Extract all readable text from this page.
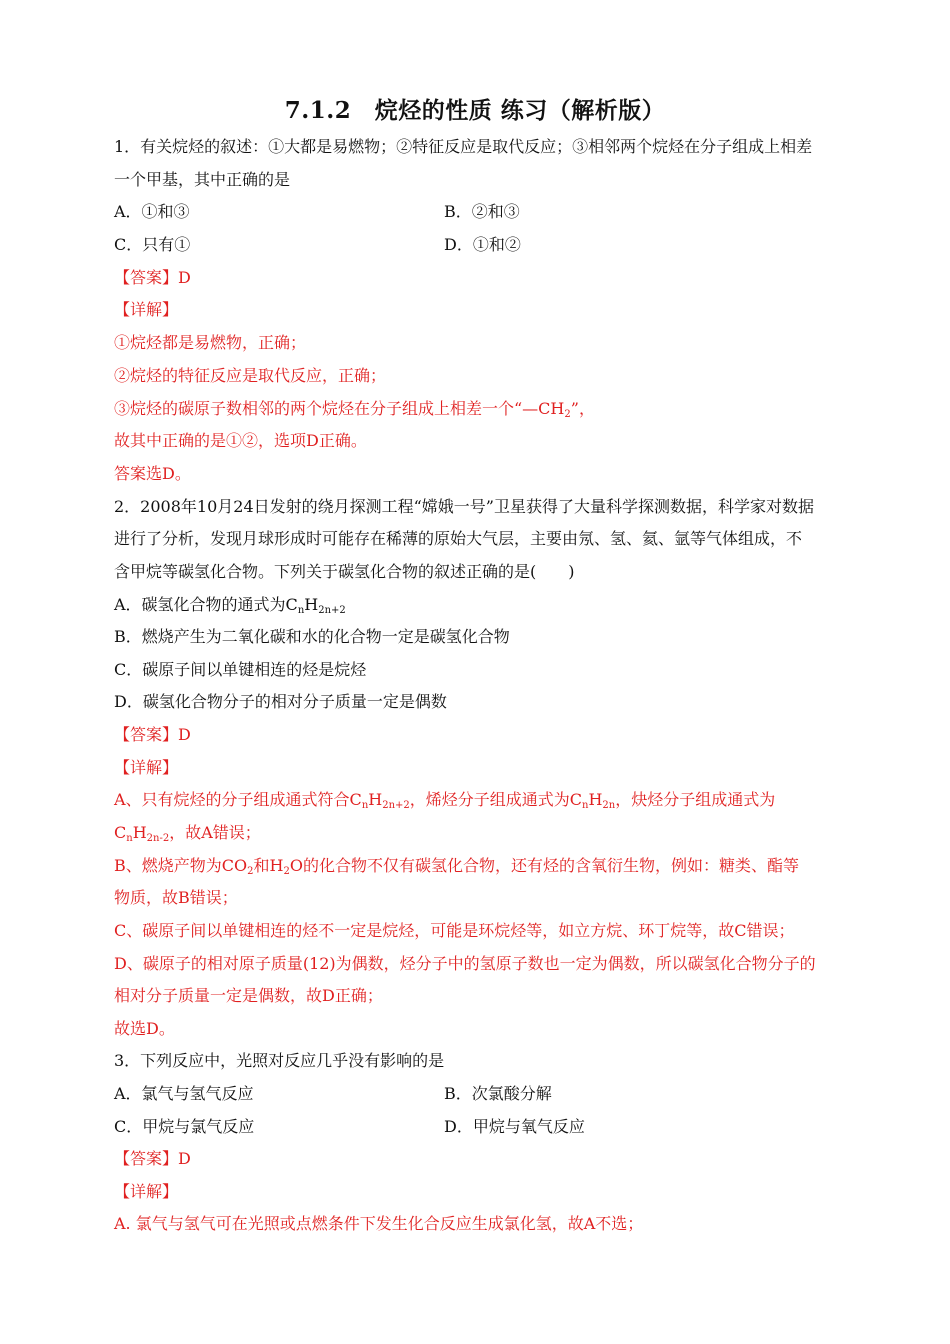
7.1.2　烷烃的性质 练习（解析版）
1．有关烷烃的叙述：①大都是易燃物；②特征反应是取代反应；③相邻两个烷烃在分子组成上相差
一个甲基，其中正确的是
A．①和③	B．②和③
C．只有①	D．①和②
【答案】D
【详解】
①烷烃都是易燃物，正确；
②烷烃的特征反应是取代反应，正确；
③烷烃的碳原子数相邻的两个烷烃在分子组成上相差一个“$—CH_2$”，
故其中正确的是①②，选项D正确。
答案选D。
2．2008年10月24日发射的绕月探测工程“嫦娥一号”卫星获得了大量科学探测数据，科学家对数据
进行了分析，发现月球形成时可能存在稀薄的原始大气层，主要由氖、氢、氦、氩等气体组成，不
含甲烷等碳氢化合物。下列关于碳氢化合物的叙述正确的是(　　)
A．碳氢化合物的通式为$C_nH_{2n+2}$
B．燃烧产生为二氧化碳和水的化合物一定是碳氢化合物
C．碳原子间以单键相连的烃是烷烃
D．碳氢化合物分子的相对分子质量一定是偶数
【答案】D
【详解】
A、只有烷烃的分子组成通式符合$C_nH_{2n+2}$，烯烃分子组成通式为$C_nH_{2n}$，炔烃分子组成通式为
$C_nH_{2n-2}$，故A错误；
B、燃烧产物为$CO_2$和$H_2O$的化合物不仅有碳氢化合物，还有烃的含氧衍生物，例如：糖类、酯等
物质，故B错误；
C、碳原子间以单键相连的烃不一定是烷烃，可能是环烷烃等，如立方烷、环丁烷等，故C错误；
D、碳原子的相对原子质量(12)为偶数，烃分子中的氢原子数也一定为偶数，所以碳氢化合物分子的
相对分子质量一定是偶数，故D正确；
故选D。
3．下列反应中，光照对反应几乎没有影响的是
A．氯气与氢气反应	B．次氯酸分解
C．甲烷与氯气反应	D．甲烷与氧气反应
【答案】D
【详解】
A. 氯气与氢气可在光照或点燃条件下发生化合反应生成氯化氢，故A不选；
